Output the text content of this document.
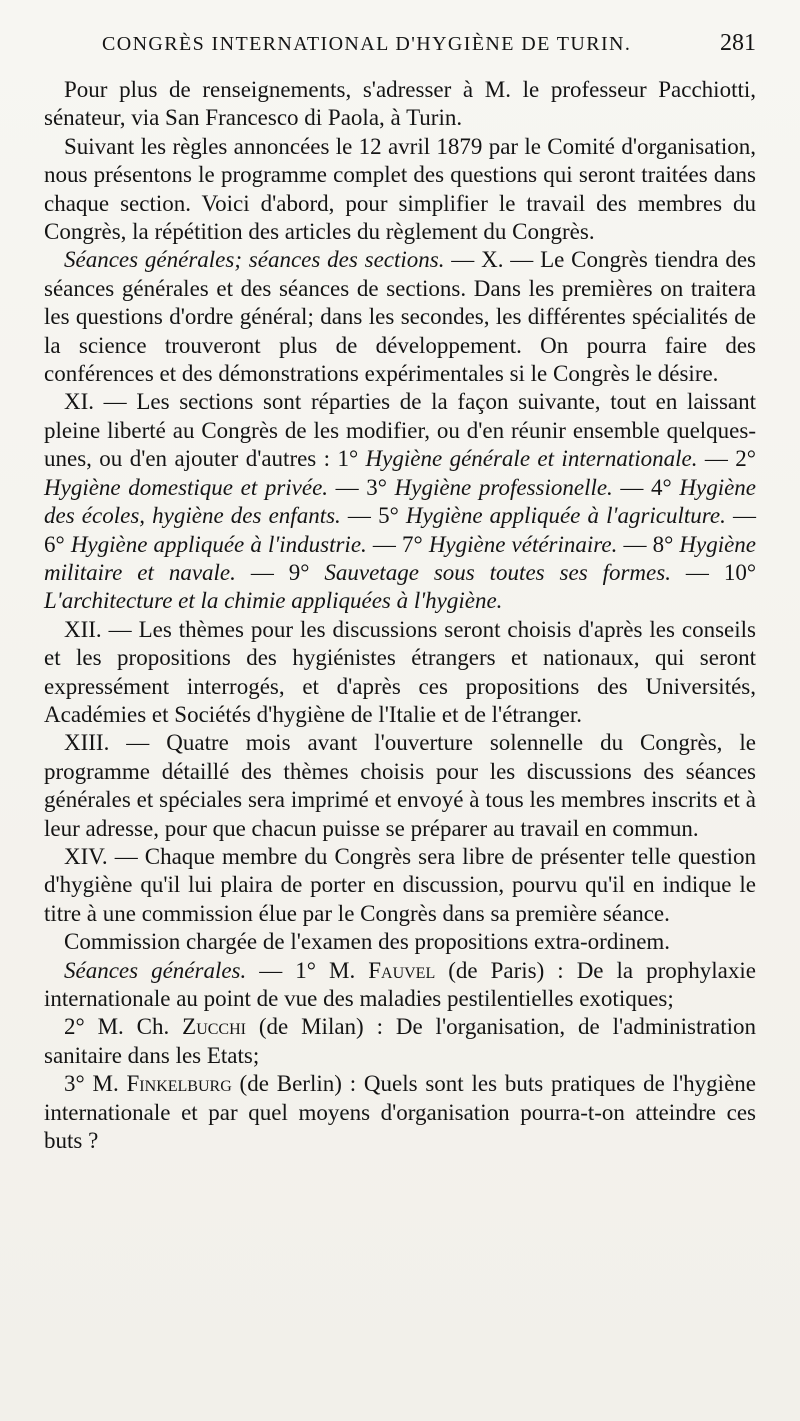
CONGRÈS INTERNATIONAL D'HYGIÈNE DE TURIN.	281

Pour plus de renseignements, s'adresser à M. le professeur Pacchiotti, sénateur, via San Francesco di Paola, à Turin.

Suivant les règles annoncées le 12 avril 1879 par le Comité d'organisation, nous présentons le programme complet des questions qui seront traitées dans chaque section. Voici d'abord, pour simplifier le travail des membres du Congrès, la répétition des articles du règlement du Congrès.

Séances générales; séances des sections. — X. — Le Congrès tiendra des séances générales et des séances de sections. Dans les premières on traitera les questions d'ordre général; dans les secondes, les différentes spécialités de la science trouveront plus de développement. On pourra faire des conférences et des démonstrations expérimentales si le Congrès le désire.

XI. — Les sections sont réparties de la façon suivante, tout en laissant pleine liberté au Congrès de les modifier, ou d'en réunir ensemble quelques-unes, ou d'en ajouter d'autres : 1° Hygiène générale et internationale. — 2° Hygiène domestique et privée. — 3° Hygiène professionelle. — 4° Hygiène des écoles, hygiène des enfants. — 5° Hygiène appliquée à l'agriculture. — 6° Hygiène appliquée à l'industrie. — 7° Hygiène vétérinaire. — 8° Hygiène militaire et navale. — 9° Sauvetage sous toutes ses formes. — 10° L'architecture et la chimie appliquées à l'hygiène.

XII. — Les thèmes pour les discussions seront choisis d'après les conseils et les propositions des hygiénistes étrangers et nationaux, qui seront expressément interrogés, et d'après ces propositions des Universités, Académies et Sociétés d'hygiène de l'Italie et de l'étranger.

XIII. — Quatre mois avant l'ouverture solennelle du Congrès, le programme détaillé des thèmes choisis pour les discussions des séances générales et spéciales sera imprimé et envoyé à tous les membres inscrits et à leur adresse, pour que chacun puisse se préparer au travail en commun.

XIV. — Chaque membre du Congrès sera libre de présenter telle question d'hygiène qu'il lui plaira de porter en discussion, pourvu qu'il en indique le titre à une commission élue par le Congrès dans sa première séance.

Commission chargée de l'examen des propositions extra-ordinem.

Séances générales. — 1° M. Fauvel (de Paris) : De la prophylaxie internationale au point de vue des maladies pestilentielles exotiques;

2° M. Ch. Zucchi (de Milan) : De l'organisation, de l'administration sanitaire dans les Etats;

3° M. Finkelburg (de Berlin) : Quels sont les buts pratiques de l'hygiène internationale et par quel moyens d'organisation pourra-t-on atteindre ces buts ?
